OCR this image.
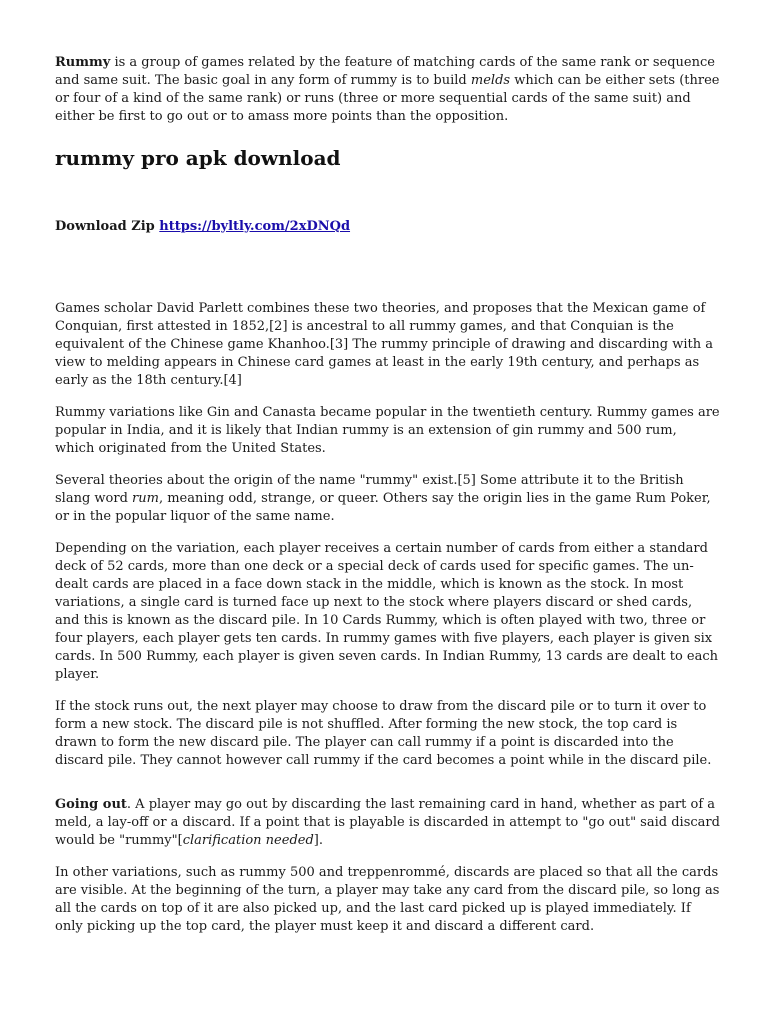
Rummy is a group of games related by the feature of matching cards of the same rank or sequence and same suit. The basic goal in any form of rummy is to build melds which can be either sets (three or four of a kind of the same rank) or runs (three or more sequential cards of the same suit) and either be first to go out or to amass more points than the opposition.

rummy pro apk download

Download Zip https://byltly.com/2xDNQd

Games scholar David Parlett combines these two theories, and proposes that the Mexican game of Conquian, first attested in 1852,[2] is ancestral to all rummy games, and that Conquian is the equivalent of the Chinese game Khanhoo.[3] The rummy principle of drawing and discarding with a view to melding appears in Chinese card games at least in the early 19th century, and perhaps as early as the 18th century.[4]

Rummy variations like Gin and Canasta became popular in the twentieth century. Rummy games are popular in India, and it is likely that Indian rummy is an extension of gin rummy and 500 rum, which originated from the United States.

Several theories about the origin of the name "rummy" exist.[5] Some attribute it to the British slang word rum, meaning odd, strange, or queer. Others say the origin lies in the game Rum Poker, or in the popular liquor of the same name.

Depending on the variation, each player receives a certain number of cards from either a standard deck of 52 cards, more than one deck or a special deck of cards used for specific games. The un-dealt cards are placed in a face down stack in the middle, which is known as the stock. In most variations, a single card is turned face up next to the stock where players discard or shed cards, and this is known as the discard pile. In 10 Cards Rummy, which is often played with two, three or four players, each player gets ten cards. In rummy games with five players, each player is given six cards. In 500 Rummy, each player is given seven cards. In Indian Rummy, 13 cards are dealt to each player.

If the stock runs out, the next player may choose to draw from the discard pile or to turn it over to form a new stock. The discard pile is not shuffled. After forming the new stock, the top card is drawn to form the new discard pile. The player can call rummy if a point is discarded into the discard pile. They cannot however call rummy if the card becomes a point while in the discard pile.

Going out. A player may go out by discarding the last remaining card in hand, whether as part of a meld, a lay-off or a discard. If a point that is playable is discarded in attempt to "go out" said discard would be "rummy"[clarification needed].

In other variations, such as rummy 500 and treppenrommé, discards are placed so that all the cards are visible. At the beginning of the turn, a player may take any card from the discard pile, so long as all the cards on top of it are also picked up, and the last card picked up is played immediately. If only picking up the top card, the player must keep it and discard a different card.
